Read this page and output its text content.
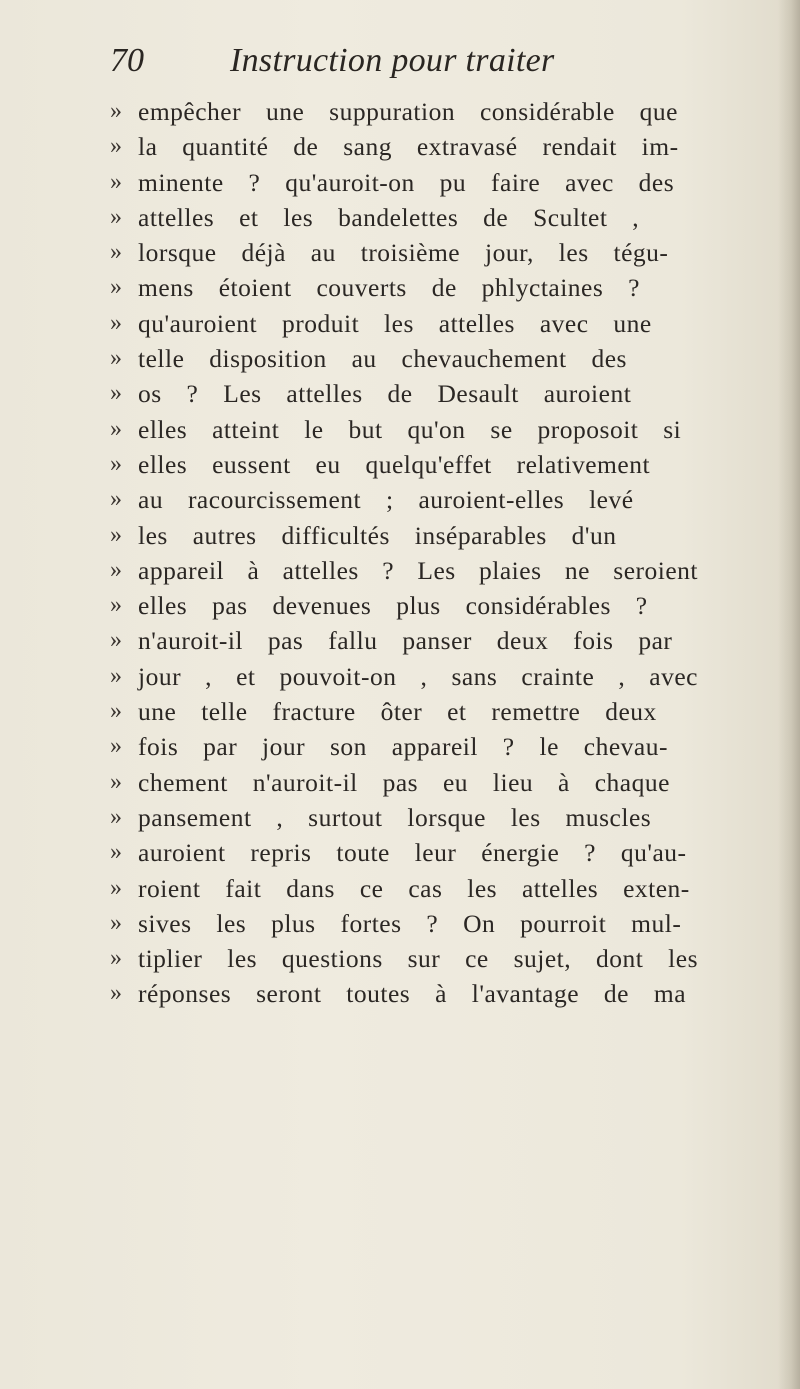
70	Instruction pour traiter
» empêcher une suppuration considérable que
» la quantité de sang extravasé rendait im-
» minente ? qu'auroit-on pu faire avec des
» attelles et les bandelettes de Scultet ,
» lorsque déjà au troisième jour, les tégu-
» mens étoient couverts de phlyctaines ?
» qu'auroient produit les attelles avec une
» telle disposition au chevauchement des
» os ? Les attelles de Desault auroient
» elles atteint le but qu'on se proposoit si
» elles eussent eu quelqu'effet relativement
» au racourcissement ; auroient-elles levé
» les autres difficultés inséparables d'un
» appareil à attelles ? Les plaies ne seroient
» elles pas devenues plus considérables ?
» n'auroit-il pas fallu panser deux fois par
» jour , et pouvoit-on , sans crainte , avec
» une telle fracture ôter et remettre deux
» fois par jour son appareil ? le chevau-
» chement n'auroit-il pas eu lieu à chaque
» pansement , surtout lorsque les muscles
» auroient repris toute leur énergie ? qu'au-
» roient fait dans ce cas les attelles exten-
» sives les plus fortes ? On pourroit mul-
» tiplier les questions sur ce sujet, dont les
» réponses seront toutes à l'avantage de ma
